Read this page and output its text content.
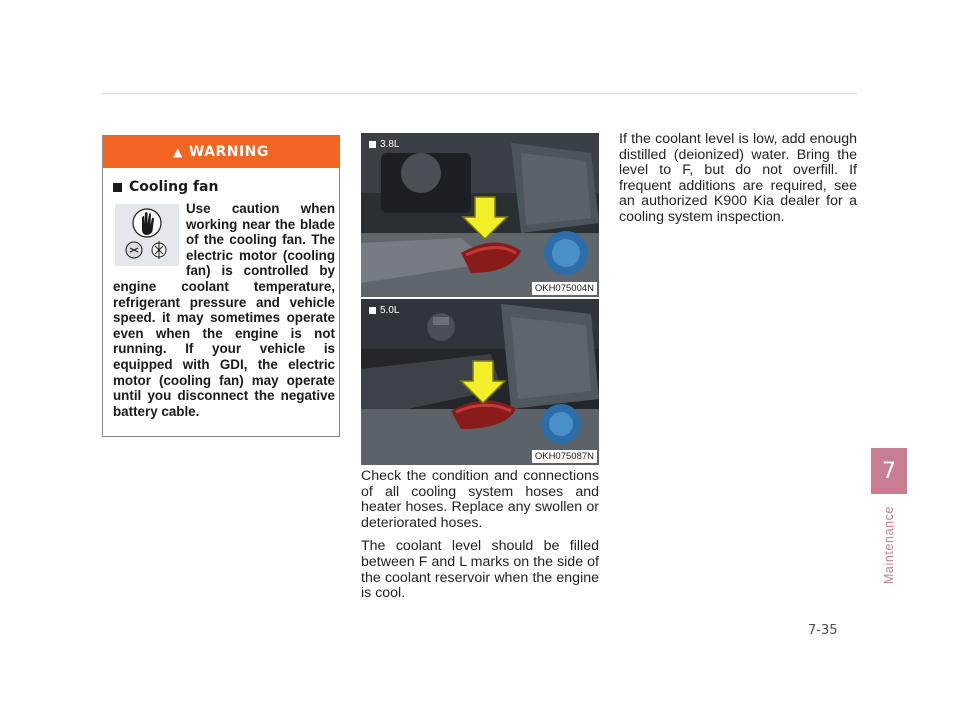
▲ WARNING
Cooling fan
Use caution when working near the blade of the cooling fan. The electric motor (cooling fan) is controlled by engine coolant temperature, refrigerant pressure and vehicle speed. it may sometimes operate even when the engine is not running. If your vehicle is equipped with GDI, the electric motor (cooling fan) may operate until you disconnect the negative battery cable.
3.8L
OKH075004N
5.0L
OKH075087N

Check the condition and connections of all cooling system hoses and heater hoses. Replace any swollen or deteriorated hoses.

The coolant level should be filled between F and L marks on the side of the coolant reservoir when the engine is cool.

If the coolant level is low, add enough distilled (deionized) water. Bring the level to F, but do not overfill. If frequent additions are required, see an authorized K900 Kia dealer for a cooling system inspection.

7
Maintenance
7-35
